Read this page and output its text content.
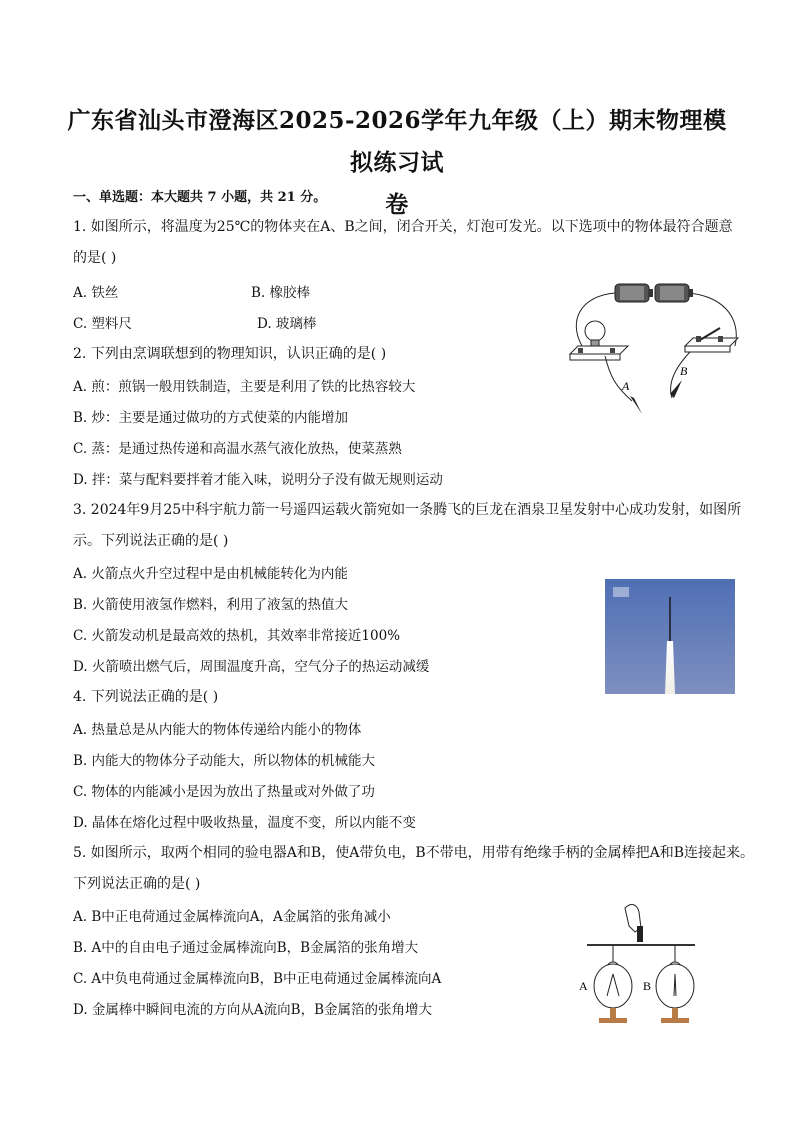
广东省汕头市澄海区2025-2026学年九年级（上）期末物理模拟练习试
卷
一、单选题：本大题共 7 小题，共 21 分。
1. 如图所示，将温度为25℃的物体夹在A、B之间，闭合开关，灯泡可发光。以下选项中的物体最符合题意
的是( )
A. 铁丝	B. 橡胶棒
C. 塑料尺	D. 玻璃棒
A
B
2. 下列由烹调联想到的物理知识，认识正确的是( )
A. 煎：煎锅一般用铁制造，主要是利用了铁的比热容较大
B. 炒：主要是通过做功的方式使菜的内能增加
C. 蒸：是通过热传递和高温水蒸气液化放热，使菜蒸熟
D. 拌：菜与配料要拌着才能入味，说明分子没有做无规则运动
3. 2024年9月25中科宇航力箭一号遥四运载火箭宛如一条腾飞的巨龙在酒泉卫星发射中心成功发射，如图所
示。下列说法正确的是( )
A. 火箭点火升空过程中是由机械能转化为内能
B. 火箭使用液氢作燃料，利用了液氢的热值大
C. 火箭发动机是最高效的热机，其效率非常接近100%
D. 火箭喷出燃气后，周围温度升高，空气分子的热运动减缓
4. 下列说法正确的是( )
A. 热量总是从内能大的物体传递给内能小的物体
B. 内能大的物体分子动能大，所以物体的机械能大
C. 物体的内能减小是因为放出了热量或对外做了功
D. 晶体在熔化过程中吸收热量，温度不变，所以内能不变
5. 如图所示，取两个相同的验电器A和B，使A带负电，B不带电，用带有绝缘手柄的金属棒把A和B连接起来。
下列说法正确的是( )
A. B中正电荷通过金属棒流向A，A金属箔的张角减小
B. A中的自由电子通过金属棒流向B，B金属箔的张角增大
C. A中负电荷通过金属棒流向B，B中正电荷通过金属棒流向A
D. 金属棒中瞬间电流的方向从A流向B，B金属箔的张角增大
A	B
